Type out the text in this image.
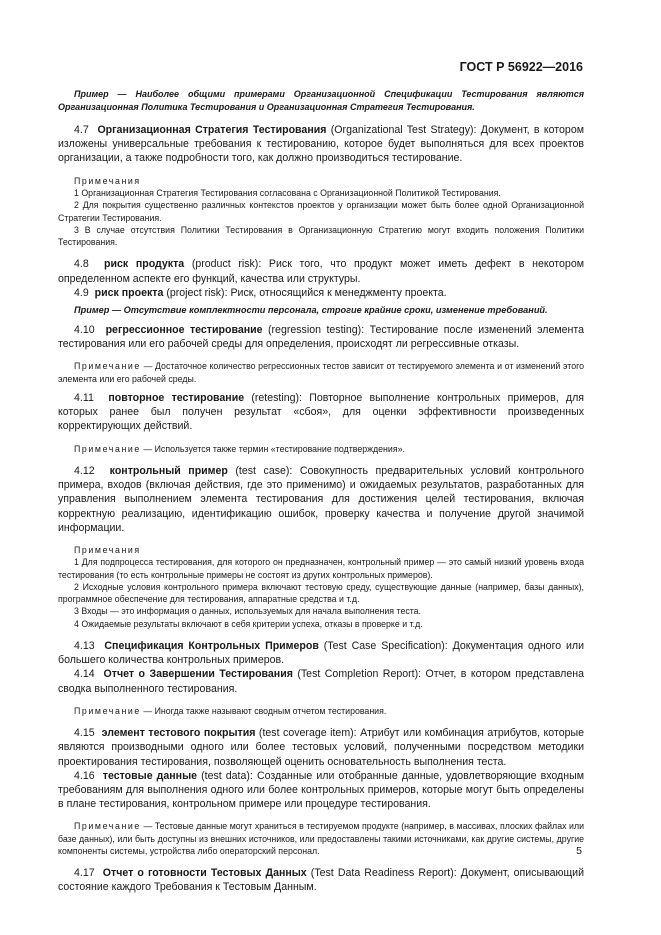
ГОСТ Р 56922—2016

Пример — Наиболее общими примерами Организационной Спецификации Тестирования являются Организационная Политика Тестирования и Организационная Стратегия Тестирования.

4.7 Организационная Стратегия Тестирования (Organizational Test Strategy): Документ, в котором изложены универсальные требования к тестированию, которое будет выполняться для всех проектов организации, а также подробности того, как должно производиться тестирование.

Примечания

1 Организационная Стратегия Тестирования согласована с Организационной Политикой Тестирования.

2 Для покрытия существенно различных контекстов проектов у организации может быть более одной Организационной Стратегии Тестирования.

3 В случае отсутствия Политики Тестирования в Организационную Стратегию могут входить положения Политики Тестирования.

4.8 риск продукта (product risk): Риск того, что продукт может иметь дефект в некотором определенном аспекте его функций, качества или структуры.

4.9 риск проекта (project risk): Риск, относящийся к менеджменту проекта.

Пример — Отсутствие комплектности персонала, строгие крайние сроки, изменение требований.

4.10 регрессионное тестирование (regression testing): Тестирование после изменений элемента тестирования или его рабочей среды для определения, происходят ли регрессивные отказы.

Примечание — Достаточное количество регрессионных тестов зависит от тестируемого элемента и от изменений этого элемента или его рабочей среды.

4.11 повторное тестирование (retesting): Повторное выполнение контрольных примеров, для которых ранее был получен результат «сбоя», для оценки эффективности произведенных корректирующих действий.

Примечание — Используется также термин «тестирование подтверждения».

4.12 контрольный пример (test case): Совокупность предварительных условий контрольного примера, входов (включая действия, где это применимо) и ожидаемых результатов, разработанных для управления выполнением элемента тестирования для достижения целей тестирования, включая корректную реализацию, идентификацию ошибок, проверку качества и получение другой значимой информации.

Примечания

1 Для подпроцесса тестирования, для которого он предназначен, контрольный пример — это самый низкий уровень входа тестирования (то есть контрольные примеры не состоят из других контрольных примеров).

2 Исходные условия контрольного примера включают тестовую среду, существующие данные (например, базы данных), программное обеспечение для тестирования, аппаратные средства и т.д.

3 Входы — это информация о данных, используемых для начала выполнения теста.

4 Ожидаемые результаты включают в себя критерии успеха, отказы в проверке и т.д.

4.13 Спецификация Контрольных Примеров (Test Case Specification): Документация одного или большего количества контрольных примеров.

4.14 Отчет о Завершении Тестирования (Test Completion Report): Отчет, в котором представлена сводка выполненного тестирования.

Примечание — Иногда также называют сводным отчетом тестирования.

4.15 элемент тестового покрытия (test coverage item): Атрибут или комбинация атрибутов, которые являются производными одного или более тестовых условий, полученными посредством методики проектирования тестирования, позволяющей оценить основательность выполнения теста.

4.16 тестовые данные (test data): Созданные или отобранные данные, удовлетворяющие входным требованиям для выполнения одного или более контрольных примеров, которые могут быть определены в плане тестирования, контрольном примере или процедуре тестирования.

Примечание — Тестовые данные могут храниться в тестируемом продукте (например, в массивах, плоских файлах или базе данных), или быть доступны из внешних источников, или предоставлены такими источниками, как другие системы, другие компоненты системы, устройства либо операторский персонал.

4.17 Отчет о готовности Тестовых Данных (Test Data Readiness Report): Документ, описывающий состояние каждого Требования к Тестовым Данным.

5
